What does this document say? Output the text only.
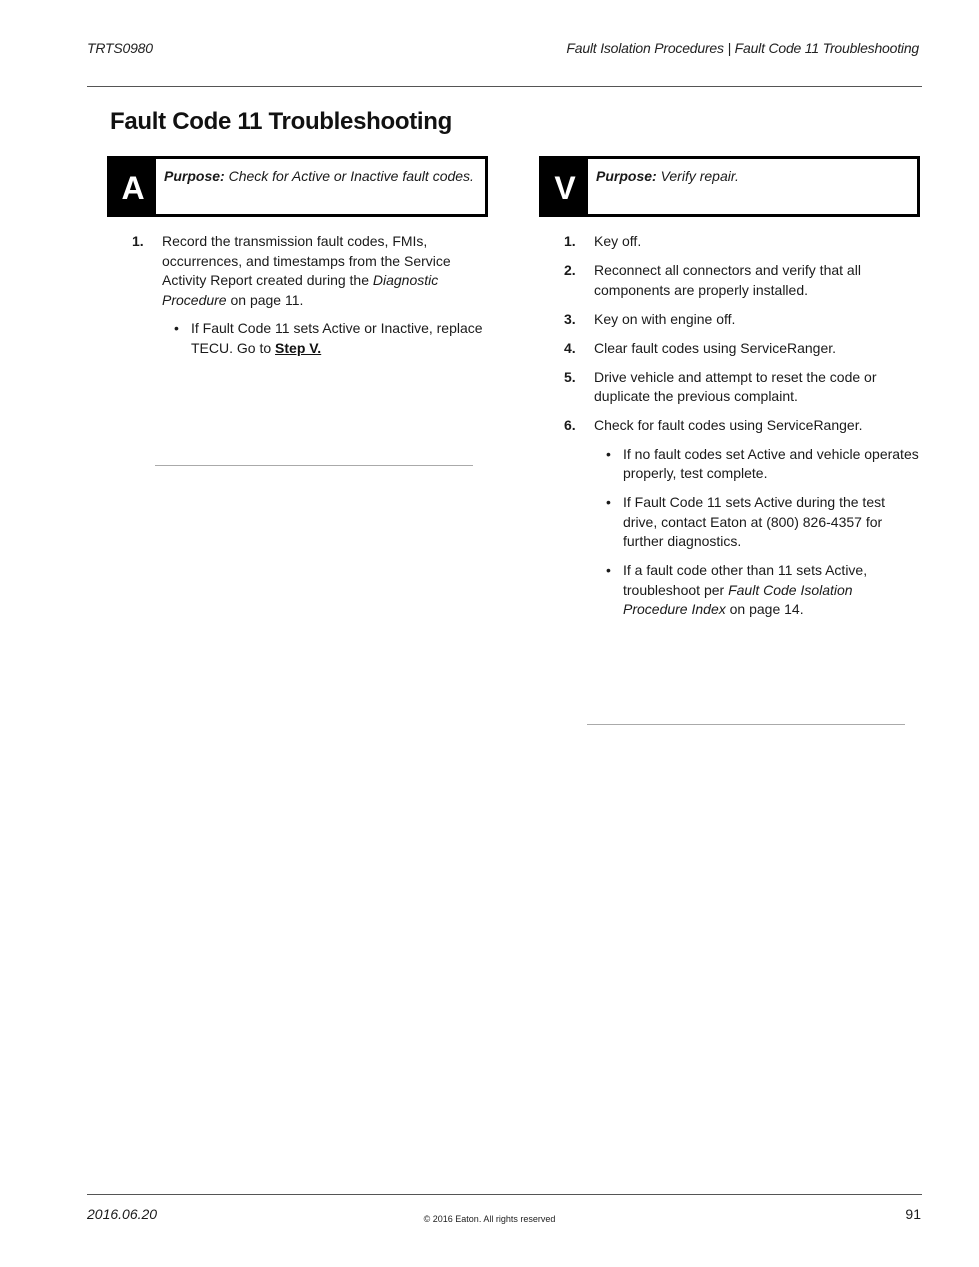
TRTS0980	Fault Isolation Procedures | Fault Code 11 Troubleshooting
Fault Code 11 Troubleshooting
A	Purpose: Check for Active or Inactive fault codes.
1. Record the transmission fault codes, FMIs, occurrences, and timestamps from the Service Activity Report created during the Diagnostic Procedure on page 11.
• If Fault Code 11 sets Active or Inactive, replace TECU. Go to Step V.
V	Purpose: Verify repair.
1. Key off.
2. Reconnect all connectors and verify that all components are properly installed.
3. Key on with engine off.
4. Clear fault codes using ServiceRanger.
5. Drive vehicle and attempt to reset the code or duplicate the previous complaint.
6. Check for fault codes using ServiceRanger.
• If no fault codes set Active and vehicle operates properly, test complete.
• If Fault Code 11 sets Active during the test drive, contact Eaton at (800) 826-4357 for further diagnostics.
• If a fault code other than 11 sets Active, troubleshoot per Fault Code Isolation Procedure Index on page 14.
2016.06.20	© 2016 Eaton. All rights reserved	91
